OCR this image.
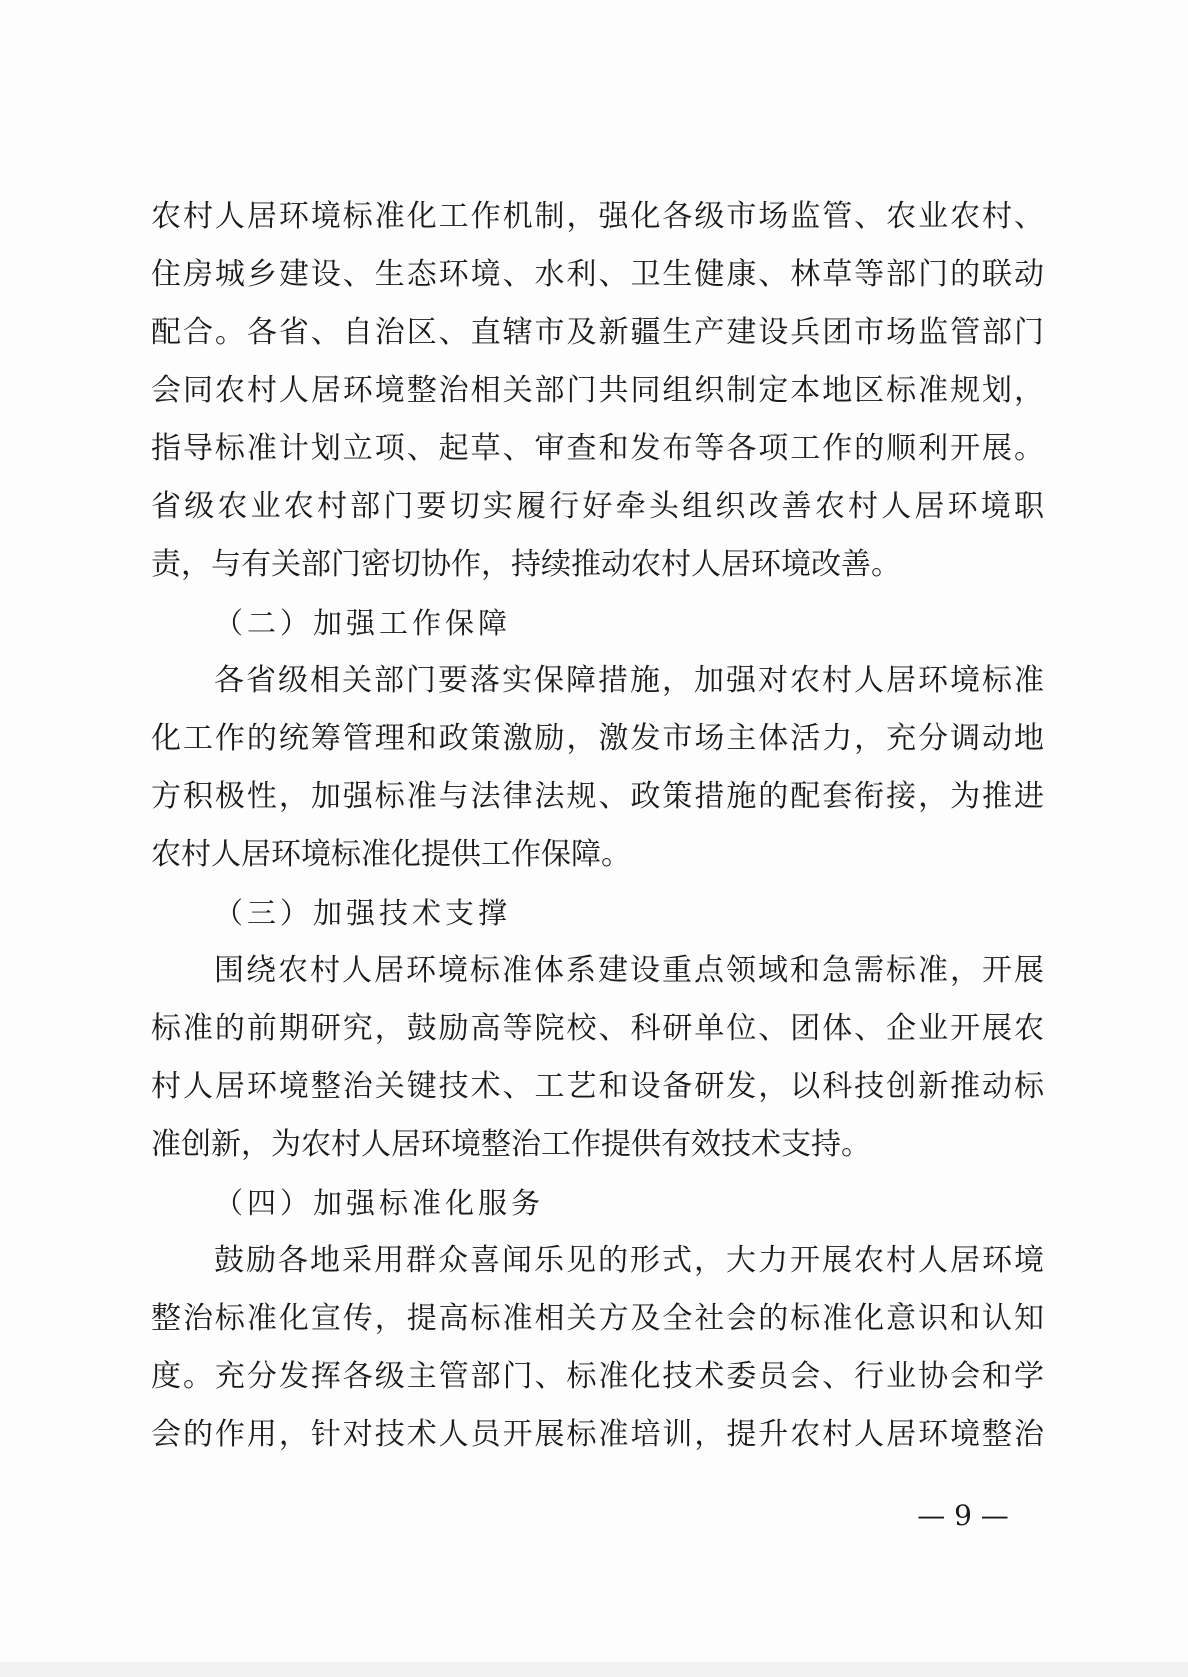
农村人居环境标准化工作机制，强化各级市场监管、农业农村、
住房城乡建设、生态环境、水利、卫生健康、林草等部门的联动
配合。各省、自治区、直辖市及新疆生产建设兵团市场监管部门
会同农村人居环境整治相关部门共同组织制定本地区标准规划，
指导标准计划立项、起草、审查和发布等各项工作的顺利开展。
省级农业农村部门要切实履行好牵头组织改善农村人居环境职
责，与有关部门密切协作，持续推动农村人居环境改善。
（二）加强工作保障
各省级相关部门要落实保障措施，加强对农村人居环境标准
化工作的统筹管理和政策激励，激发市场主体活力，充分调动地
方积极性，加强标准与法律法规、政策措施的配套衔接，为推进
农村人居环境标准化提供工作保障。
（三）加强技术支撑
围绕农村人居环境标准体系建设重点领域和急需标准，开展
标准的前期研究，鼓励高等院校、科研单位、团体、企业开展农
村人居环境整治关键技术、工艺和设备研发，以科技创新推动标
准创新，为农村人居环境整治工作提供有效技术支持。
（四）加强标准化服务
鼓励各地采用群众喜闻乐见的形式，大力开展农村人居环境
整治标准化宣传，提高标准相关方及全社会的标准化意识和认知
度。充分发挥各级主管部门、标准化技术委员会、行业协会和学
会的作用，针对技术人员开展标准培训，提升农村人居环境整治
— 9 —
